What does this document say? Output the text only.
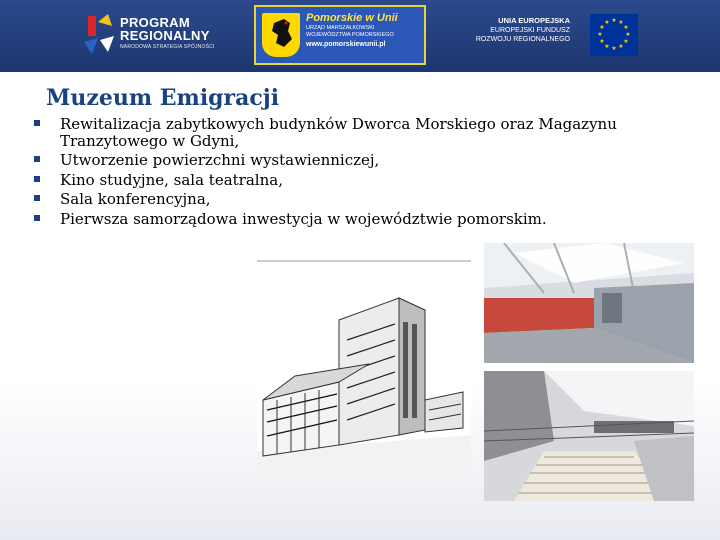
PROGRAM
REGIONALNY
NARODOWA STRATEGIA SPÓJNOŚCI
Pomorskie w Unii
URZĄD MARSZAŁKOWSKI
WOJEWÓDZTWA POMORSKIEGO
www.pomorskiewunii.pl
UNIA EUROPEJSKA
EUROPEJSKI FUNDUSZ
ROZWOJU REGIONALNEGO
★ ★
★
★
★
★
★
★
★
★
★
★
Muzeum Emigracji
Rewitalizacja zabytkowych budynków Dworca Morskiego oraz Magazynu Tranzytowego w Gdyni,
Utworzenie powierzchni wystawienniczej,
Kino studyjne, sala teatralna,
Sala konferencyjna,
Pierwsza samorządowa inwestycja w województwie pomorskim.
